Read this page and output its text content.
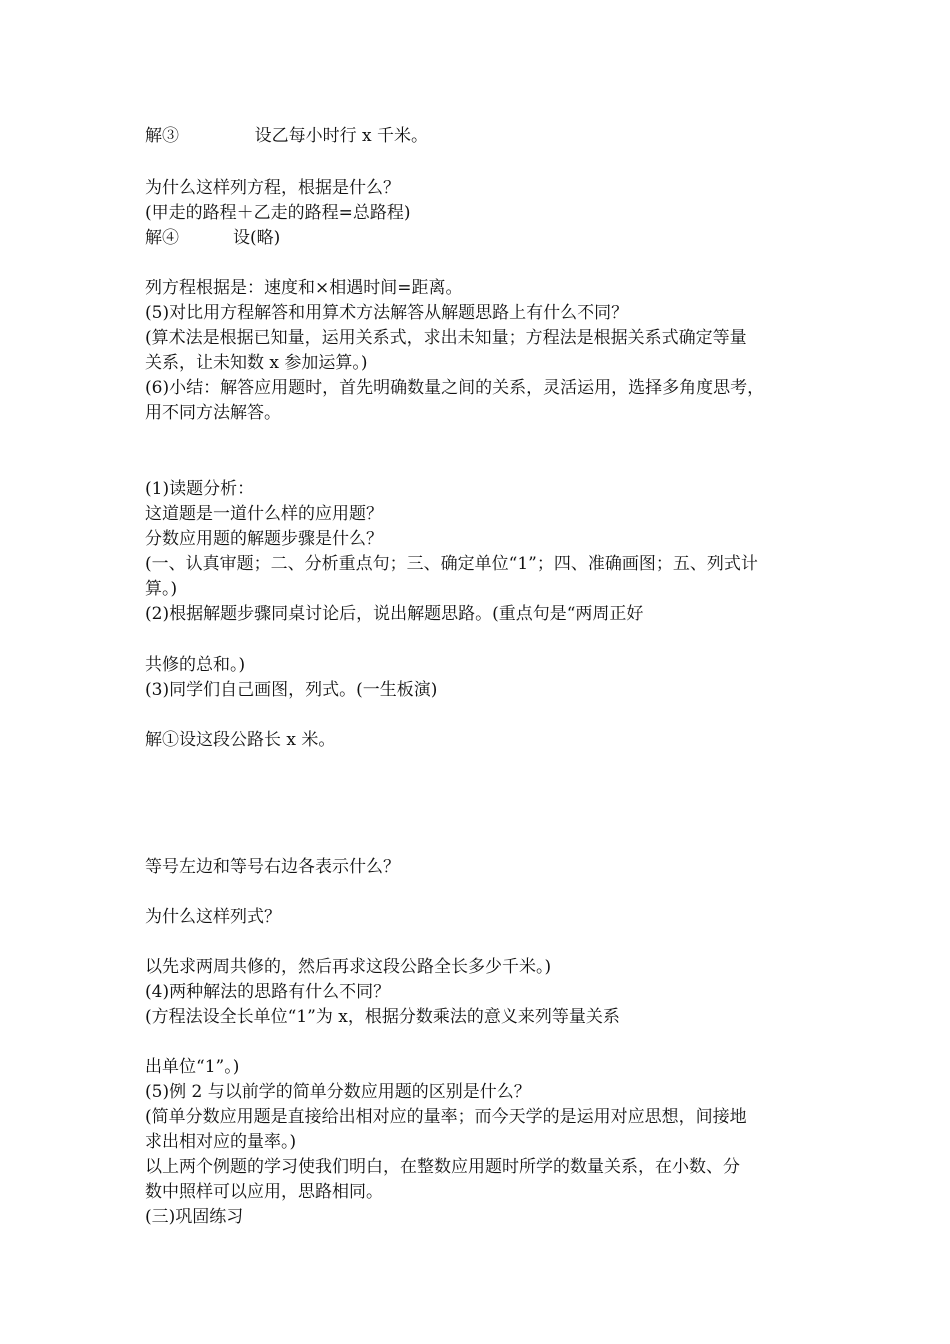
解③              设乙每小时行 x 千米。
为什么这样列方程，根据是什么？
(甲走的路程＋乙走的路程=总路程)
解④          设(略)
列方程根据是：速度和×相遇时间=距离。
(5)对比用方程解答和用算术方法解答从解题思路上有什么不同？
(算术法是根据已知量，运用关系式，求出未知量；方程法是根据关系式确定等量
关系，让未知数 x 参加运算。)
(6)小结：解答应用题时，首先明确数量之间的关系，灵活运用，选择多角度思考，
用不同方法解答。
(1)读题分析：
这道题是一道什么样的应用题？
分数应用题的解题步骤是什么？
(一、认真审题；二、分析重点句；三、确定单位“1”；四、准确画图；五、列式计
算。)
(2)根据解题步骤同桌讨论后，说出解题思路。(重点句是“两周正好
共修的总和。)
(3)同学们自己画图，列式。(一生板演)
解①设这段公路长 x 米。
等号左边和等号右边各表示什么？
为什么这样列式？
以先求两周共修的，然后再求这段公路全长多少千米。)
(4)两种解法的思路有什么不同？
(方程法设全长单位“1”为 x，根据分数乘法的意义来列等量关系
出单位“1”。)
(5)例 2 与以前学的简单分数应用题的区别是什么？
(简单分数应用题是直接给出相对应的量率；而今天学的是运用对应思想，间接地
求出相对应的量率。)
以上两个例题的学习使我们明白，在整数应用题时所学的数量关系，在小数、分
数中照样可以应用，思路相同。
(三)巩固练习
